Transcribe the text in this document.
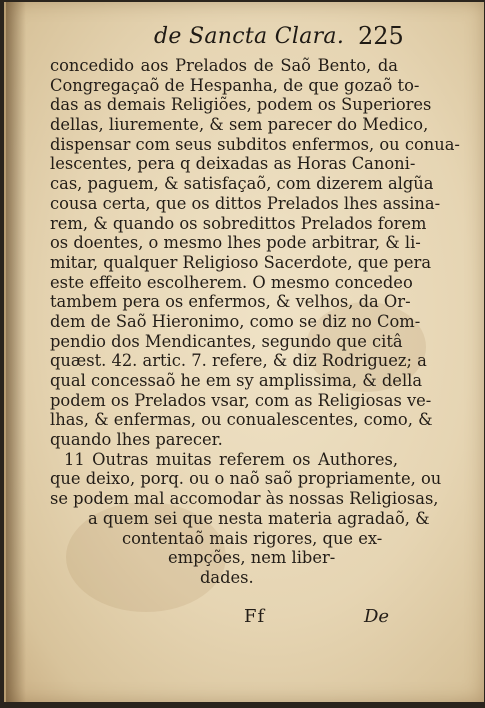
de Sancta Clara. 225
concedido aos Prelados de Saõ Bento, da
Congregaçaõ de Hespanha, de que gozaõ to-
das as demais Religiões, podem os Superiores
dellas, liuremente, & sem parecer do Medico,
dispensar com seus subditos enfermos, ou conua-
lescentes, pera q deixadas as Horas Canoni-
cas, paguem, & satisfaçaõ, com dizerem algũa
cousa certa, que os dittos Prelados lhes assina-
rem, & quando os sobredittos Prelados forem
os doentes, o mesmo lhes pode arbitrar, & li-
mitar, qualquer Religioso Sacerdote, que pera
este effeito escolherem. O mesmo concedeo
tambem pera os enfermos, & velhos, da Or-
dem de Saõ Hieronimo, como se diz no Com-
pendio dos Mendicantes, segundo que citâ
quæst. 42. artic. 7. refere, & diz Rodriguez; a
qual concessaõ he em sy amplissima, & della
podem os Prelados vsar, com as Religiosas ve-
lhas, & enfermas, ou conualescentes, como, &
quando lhes parecer.
11 Outras muitas referem os Authores,
que deixo, porq. ou o naõ saõ propriamente, ou
se podem mal accomodar às nossas Religiosas,
a quem sei que nesta materia agradaõ, &
contentaõ mais rigores, que ex-
empções, nem liber-
dades.
Ff	De
